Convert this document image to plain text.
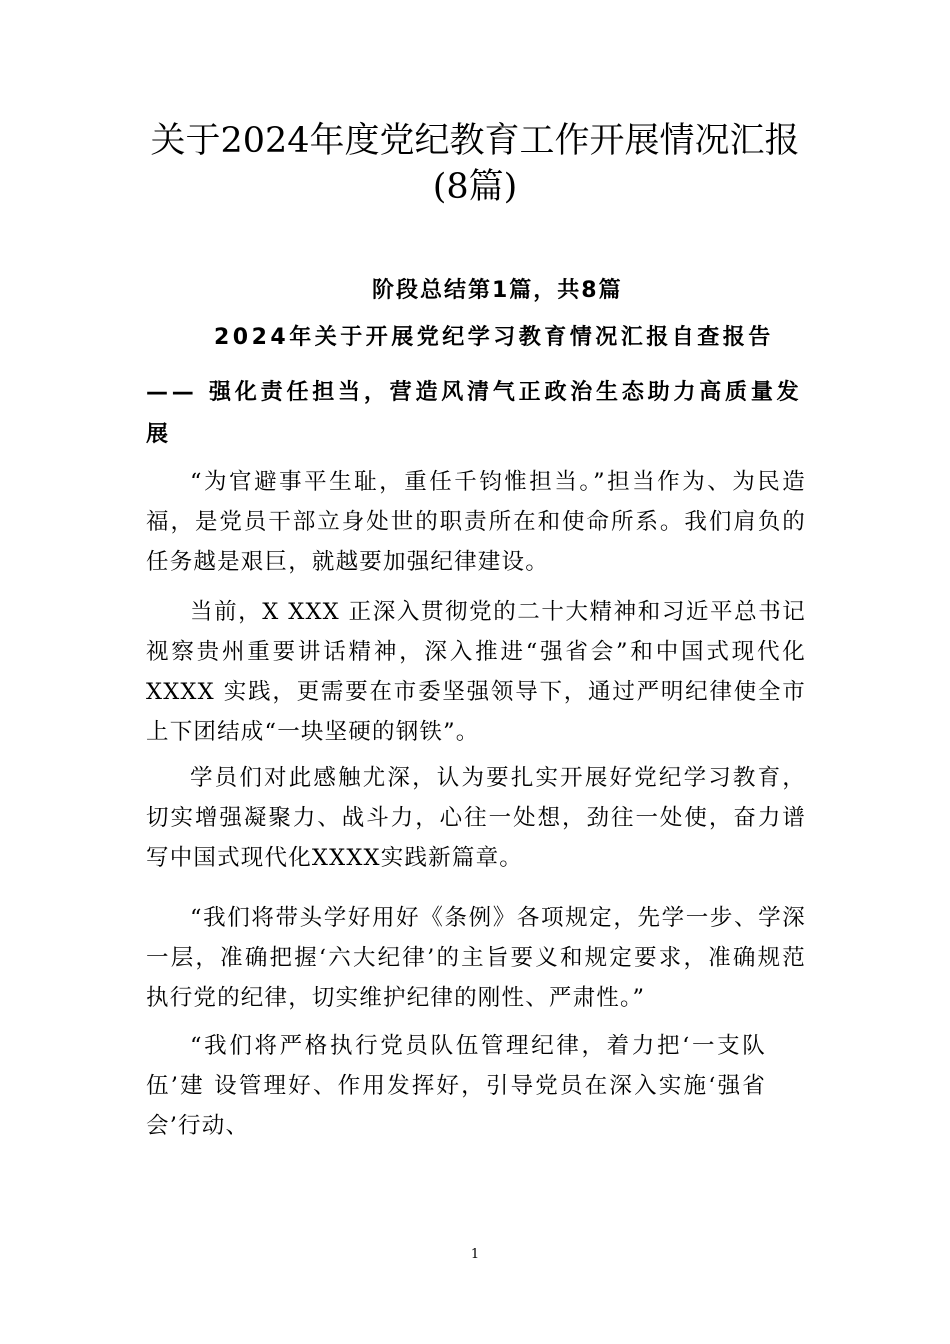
关于2024年度党纪教育工作开展情况汇报
(8篇)

阶段总结第1篇，共8篇

2024年关于开展党纪学习教育情况汇报自查报告

—— 强化责任担当，营造风清气正政治生态助力高质量发展

“为官避事平生耻，重任千钧惟担当。”担当作为、为民造福，是党员干部立身处世的职责所在和使命所系。我们肩负的任务越是艰巨，就越要加强纪律建设。

当前，X XXX 正深入贯彻党的二十大精神和习近平总书记 视察贵州重要讲话精神，深入推进“强省会”和中国式现代化 XXXX 实践，更需要在市委坚强领导下，通过严明纪律使全市 上下团结成“一块坚硬的钢铁”。

学员们对此感触尤深，认为要扎实开展好党纪学习教育，切实增强凝聚力、战斗力，心往一处想，劲往一处使，奋力谱写中国式现代化XXXX实践新篇章。

“我们将带头学好用好《条例》各项规定，先学一步、学深 一层，准确把握‘六大纪律’的主旨要义和规定要求，准确规范 执行党的纪律，切实维护纪律的刚性、严肃性。”

“我们将严格执行党员队伍管理纪律，着力把‘一支队伍’建 设管理好、作用发挥好，引导党员在深入实施‘强省会’行动、

1
